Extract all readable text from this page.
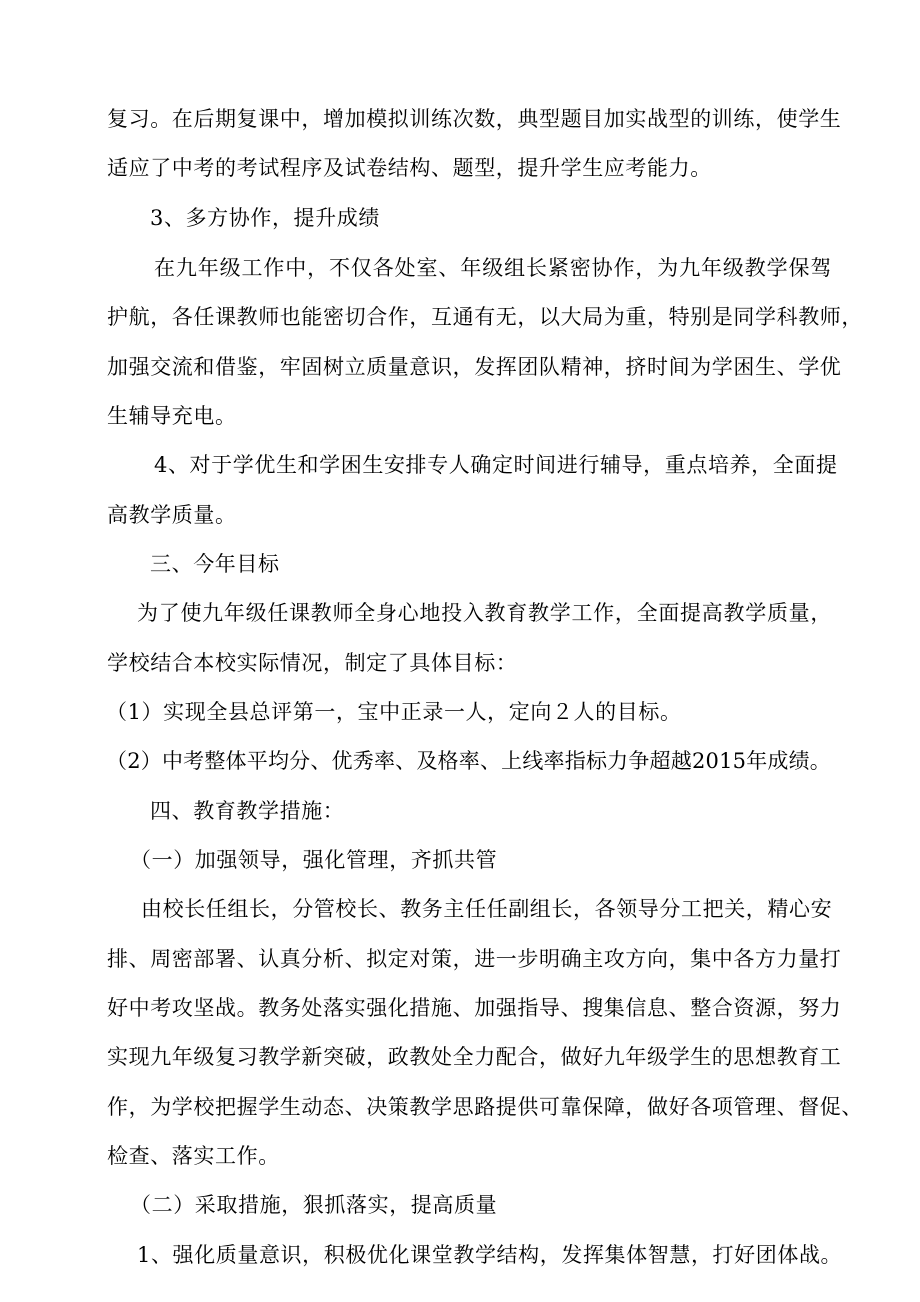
复习。在后期复课中，增加模拟训练次数，典型题目加实战型的训练，使学生
适应了中考的考试程序及试卷结构、题型，提升学生应考能力。
3、多方协作，提升成绩
在九年级工作中，不仅各处室、年级组长紧密协作，为九年级教学保驾
护航，各任课教师也能密切合作，互通有无，以大局为重，特别是同学科教师，
加强交流和借鉴，牢固树立质量意识，发挥团队精神，挤时间为学困生、学优
生辅导充电。
4、对于学优生和学困生安排专人确定时间进行辅导，重点培养，全面提
高教学质量。
三、今年目标
为了使九年级任课教师全身心地投入教育教学工作，全面提高教学质量，
学校结合本校实际情况，制定了具体目标：
（1）实现全县总评第一，宝中正录一人，定向２人的目标。
（2）中考整体平均分、优秀率、及格率、上线率指标力争超越2015年成绩。
四、教育教学措施：
（一）加强领导，强化管理，齐抓共管
由校长任组长，分管校长、教务主任任副组长，各领导分工把关，精心安
排、周密部署、认真分析、拟定对策，进一步明确主攻方向，集中各方力量打
好中考攻坚战。教务处落实强化措施、加强指导、搜集信息、整合资源，努力
实现九年级复习教学新突破，政教处全力配合，做好九年级学生的思想教育工
作，为学校把握学生动态、决策教学思路提供可靠保障，做好各项管理、督促、
检查、落实工作。
（二）采取措施，狠抓落实，提高质量
1、强化质量意识，积极优化课堂教学结构，发挥集体智慧，打好团体战。
